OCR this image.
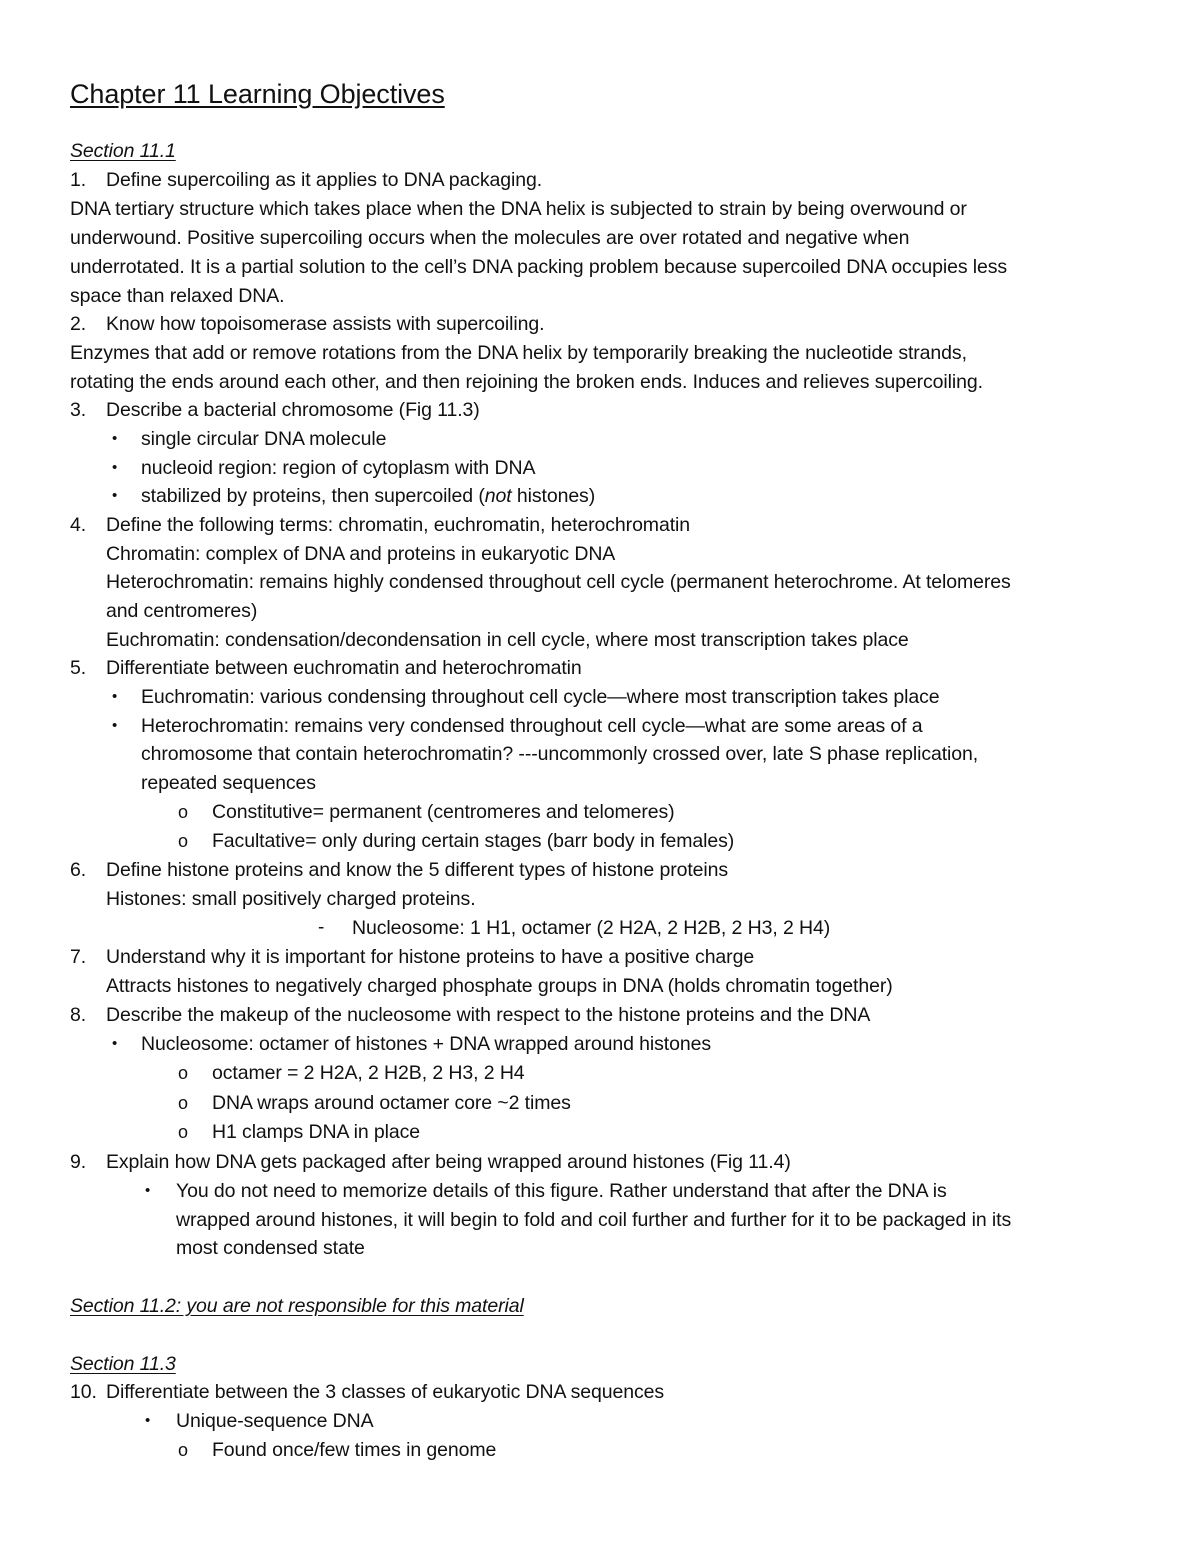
Chapter 11 Learning Objectives
Section 11.1
1. Define supercoiling as it applies to DNA packaging.
DNA tertiary structure which takes place when the DNA helix is subjected to strain by being overwound or
underwound. Positive supercoiling occurs when the molecules are over rotated and negative when
underrotated. It is a partial solution to the cell’s DNA packing problem because supercoiled DNA occupies less
space than relaxed DNA.
2. Know how topoisomerase assists with supercoiling.
Enzymes that add or remove rotations from the DNA helix by temporarily breaking the nucleotide strands,
rotating the ends around each other, and then rejoining the broken ends. Induces and relieves supercoiling.
3. Describe a bacterial chromosome (Fig 11.3)
• single circular DNA molecule
• nucleoid region: region of cytoplasm with DNA
• stabilized by proteins, then supercoiled (not histones)
4. Define the following terms: chromatin, euchromatin, heterochromatin
Chromatin: complex of DNA and proteins in eukaryotic DNA
Heterochromatin: remains highly condensed throughout cell cycle (permanent heterochrome. At telomeres
and centromeres)
Euchromatin: condensation/decondensation in cell cycle, where most transcription takes place
5. Differentiate between euchromatin and heterochromatin
• Euchromatin: various condensing throughout cell cycle—where most transcription takes place
• Heterochromatin: remains very condensed throughout cell cycle—what are some areas of a
chromosome that contain heterochromatin? ---uncommonly crossed over, late S phase replication,
repeated sequences
o Constitutive= permanent (centromeres and telomeres)
o Facultative= only during certain stages (barr body in females)
6. Define histone proteins and know the 5 different types of histone proteins
Histones: small positively charged proteins.
- Nucleosome: 1 H1, octamer (2 H2A, 2 H2B, 2 H3, 2 H4)
7. Understand why it is important for histone proteins to have a positive charge
Attracts histones to negatively charged phosphate groups in DNA (holds chromatin together)
8. Describe the makeup of the nucleosome with respect to the histone proteins and the DNA
• Nucleosome: octamer of histones + DNA wrapped around histones
o octamer = 2 H2A, 2 H2B, 2 H3, 2 H4
o DNA wraps around octamer core ~2 times
o H1 clamps DNA in place
9. Explain how DNA gets packaged after being wrapped around histones (Fig 11.4)
• You do not need to memorize details of this figure. Rather understand that after the DNA is
wrapped around histones, it will begin to fold and coil further and further for it to be packaged in its
most condensed state
Section 11.2: you are not responsible for this material
Section 11.3
10. Differentiate between the 3 classes of eukaryotic DNA sequences
• Unique-sequence DNA
o Found once/few times in genome
